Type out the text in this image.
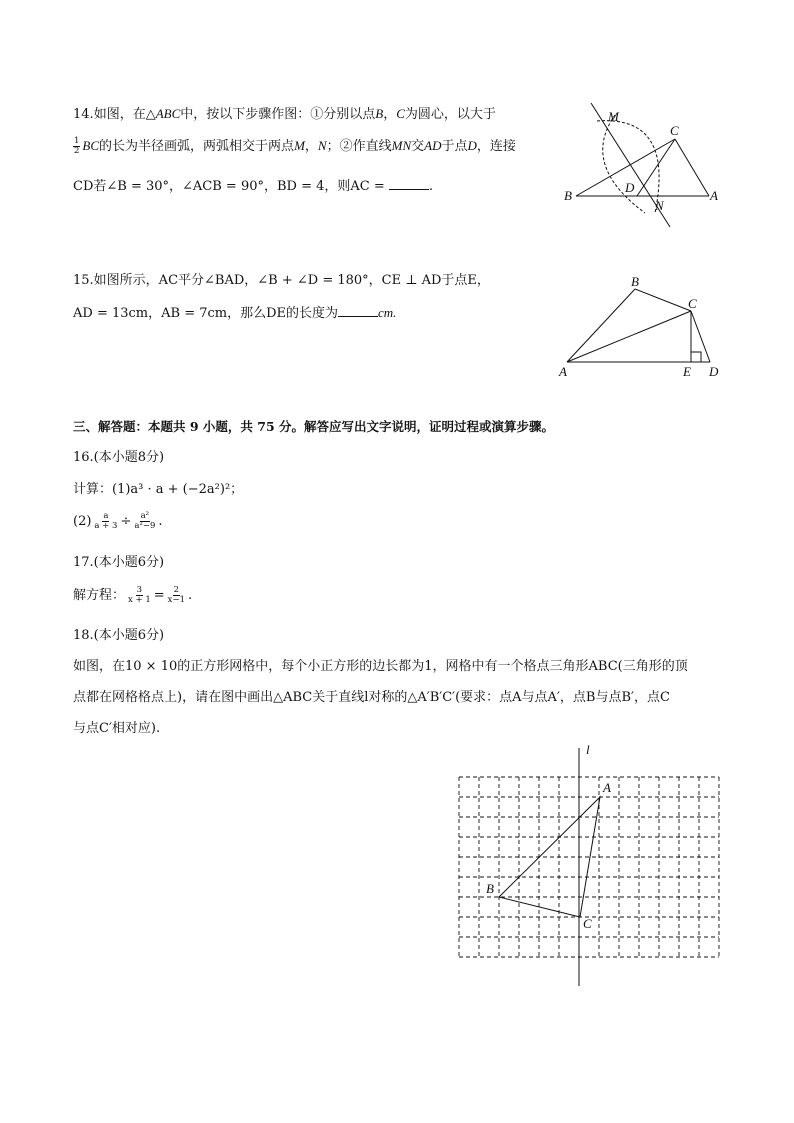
14.如图，在△ABC中，按以下步骤作图：①分别以点B，C为圆心，以大于
$\frac{1}{2}$ BC的长为半径画弧，两弧相交于两点M，N；②作直线MN交AD于点D，连接
CD若∠B = 30°，∠ACB = 90°，BD = 4，则AC =	.
M
C
B
D
N
A
15.如图所示，AC平分∠BAD，∠B + ∠D = 180°，CE ⊥ AD于点E，
AD = 13cm，AB = 7cm，那么DE的长度为	cm.
B
C
A	E D
三、解答题：本题共 9 小题，共 75 分。解答应写出文字说明，证明过程或演算步骤。
16.(本小题8分)
计算：(1)a³ · a + (−2a²)²；
$(2) \frac{a}{a + 3} \div \frac{\text{a²}}{\text{a²−9}}$ .
17.(本小题6分)
解方程： $\frac{3}{x + 1} = \frac{2}{x-1}$ .
18.(本小题6分)
如图，在10 × 10的正方形网格中，每个小正方形的边长都为1，网格中有一个格点三角形ABC(三角形的顶
点都在网格格点上)，请在图中画出△ABC关于直线l对称的△A′B′C′(要求：点A与点A′，点B与点B′，点C
与点C′相对应).
l
A
B
C
